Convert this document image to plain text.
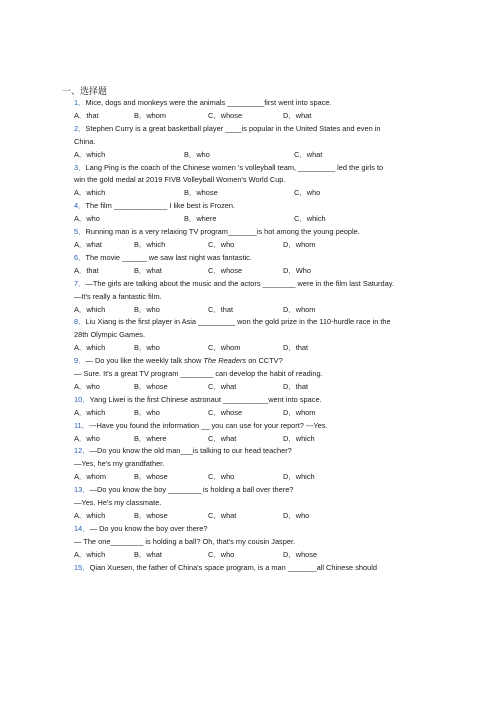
一、选择题
1．Mice, dogs and monkeys were the animals _________first went into space.
A．that	B．whom	C．whose	D．what
2．Stephen Curry is a great basketball player ____is popular in the United States and even in
China.
A．which	B．who	C．what
3．Lang Ping is the coach of the Chinese women 's volleyball team, _________ led the girls to
win the gold medal at 2019 FIVB Volleyball Women's World Cup.
A．which	B．whose	C．who
4．The film _____________ I like best is Frozen.
A．who	B．where	C．which
5．Running man is a very relaxing TV program_______is hot among the young people.
A．what	B．which	C．who	D．whom
6．The movie ______ we saw last night was fantastic.
A．that	B．what	C．whose	D．Who
7．—The girls are talking about the music and the actors ________ were in the film last Saturday.
—It's really a fantastic film.
A．which	B．who	C．that	D．whom
8．Liu Xiang is the first player in Asia _________ won the gold prize in the 110-hurdle race in the
28th Olympic Games.
A．which	B．who	C．whom	D．that
9．— Do you like the weekly talk show The Readers on CCTV?
— Sure. It's a great TV program ________ can develop the habit of reading.
A．who	B．whose	C．what	D．that
10．Yang Liwei is the first Chinese astronaut ___________went into space.
A．which	B．who	C．whose	D．whom
11．---Have you found the information __ you can use for your report? ---Yes.
A．who	B．where	C．what	D．which
12．—Do you know the old man___is talking to our head teacher?
—Yes, he's my grandfather.
A．whom	B．whose	C．who	D．which
13．—Do you know the boy ________ is holding a ball over there?
—Yes. He's my classmate.
A．which	B．whose	C．what	D．who
14．— Do you know the boy over there?
— The one________ is holding a ball? Oh, that's my cousin Jasper.
A．which	B．what	C．who	D．whose
15．Qian Xuesen, the father of China's space program, is a man _______all Chinese should
